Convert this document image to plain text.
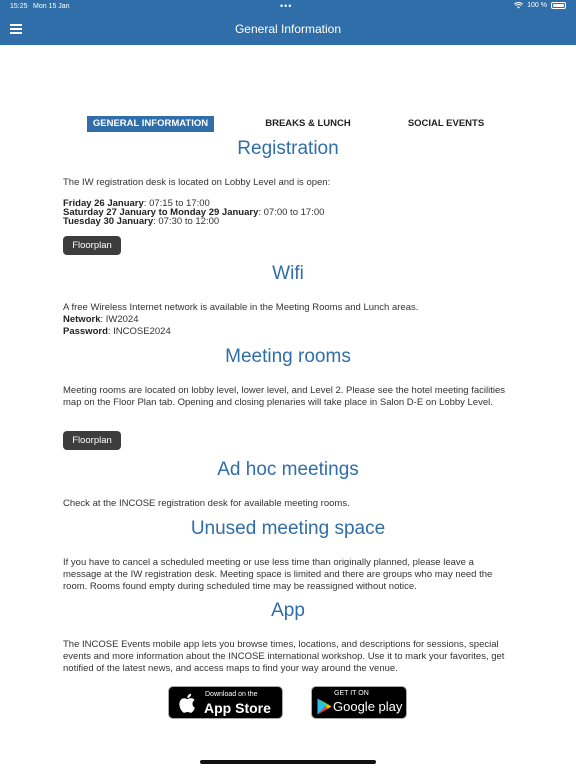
15:25 Mon 15 Jan	•••	100 %
General Information
GENERAL INFORMATION	BREAKS & LUNCH	SOCIAL EVENTS
Registration
The IW registration desk is located on Lobby Level and is open:
Friday 26 January: 07:15 to 17:00
Saturday 27 January to Monday 29 January: 07:00 to 17:00
Tuesday 30 January: 07:30 to 12:00
Floorplan
Wifi
A free Wireless Internet network is available in the Meeting Rooms and Lunch areas.
Network: IW2024
Password: INCOSE2024
Meeting rooms
Meeting rooms are located on lobby level, lower level, and Level 2. Please see the hotel meeting facilities map on the Floor Plan tab. Opening and closing plenaries will take place in Salon D-E on Lobby Level.
Floorplan
Ad hoc meetings
Check at the INCOSE registration desk for available meeting rooms.
Unused meeting space
If you have to cancel a scheduled meeting or use less time than originally planned, please leave a message at the IW registration desk. Meeting space is limited and there are groups who may need the room. Rooms found empty during scheduled time may be reassigned without notice.
App
The INCOSE Events mobile app lets you browse times, locations, and descriptions for sessions, special events and more information about the INCOSE international workshop. Use it to mark your favorites, get notified of the latest news, and access maps to find your way around the venue.
Download on the
App Store
GET IT ON
Google play
